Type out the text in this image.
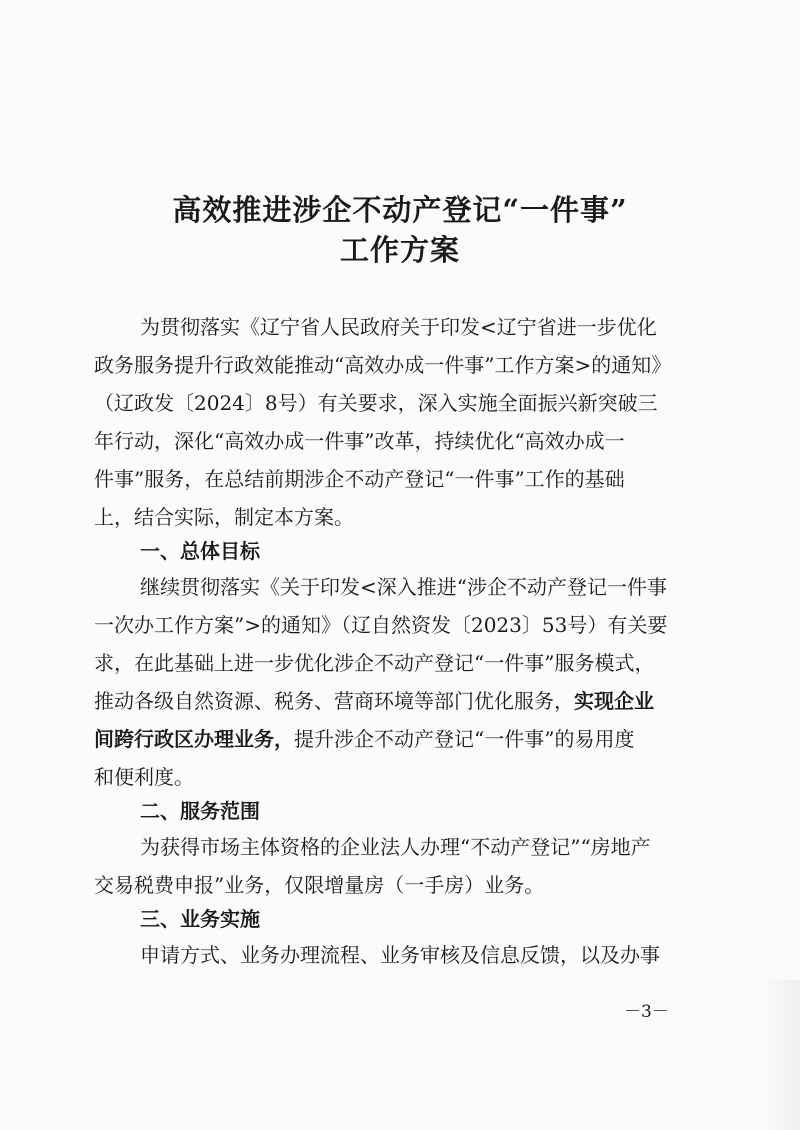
高效推进涉企不动产登记“一件事”
工作方案
为贯彻落实《辽宁省人民政府关于印发<辽宁省进一步优化
政务服务提升行政效能推动“高效办成一件事”工作方案>的通知》
（辽政发〔2024〕8号）有关要求，深入实施全面振兴新突破三
年行动，深化“高效办成一件事”改革，持续优化“高效办成一
件事”服务，在总结前期涉企不动产登记“一件事”工作的基础
上，结合实际，制定本方案。
一、总体目标
继续贯彻落实《关于印发<深入推进“涉企不动产登记一件事
一次办工作方案”>的通知》（辽自然资发〔2023〕53号）有关要
求，在此基础上进一步优化涉企不动产登记“一件事”服务模式，
推动各级自然资源、税务、营商环境等部门优化服务，实现企业
间跨行政区办理业务，提升涉企不动产登记“一件事”的易用度
和便利度。
二、服务范围
为获得市场主体资格的企业法人办理“不动产登记”“房地产
交易税费申报”业务，仅限增量房（一手房）业务。
三、业务实施
申请方式、业务办理流程、业务审核及信息反馈，以及办事
－3－
